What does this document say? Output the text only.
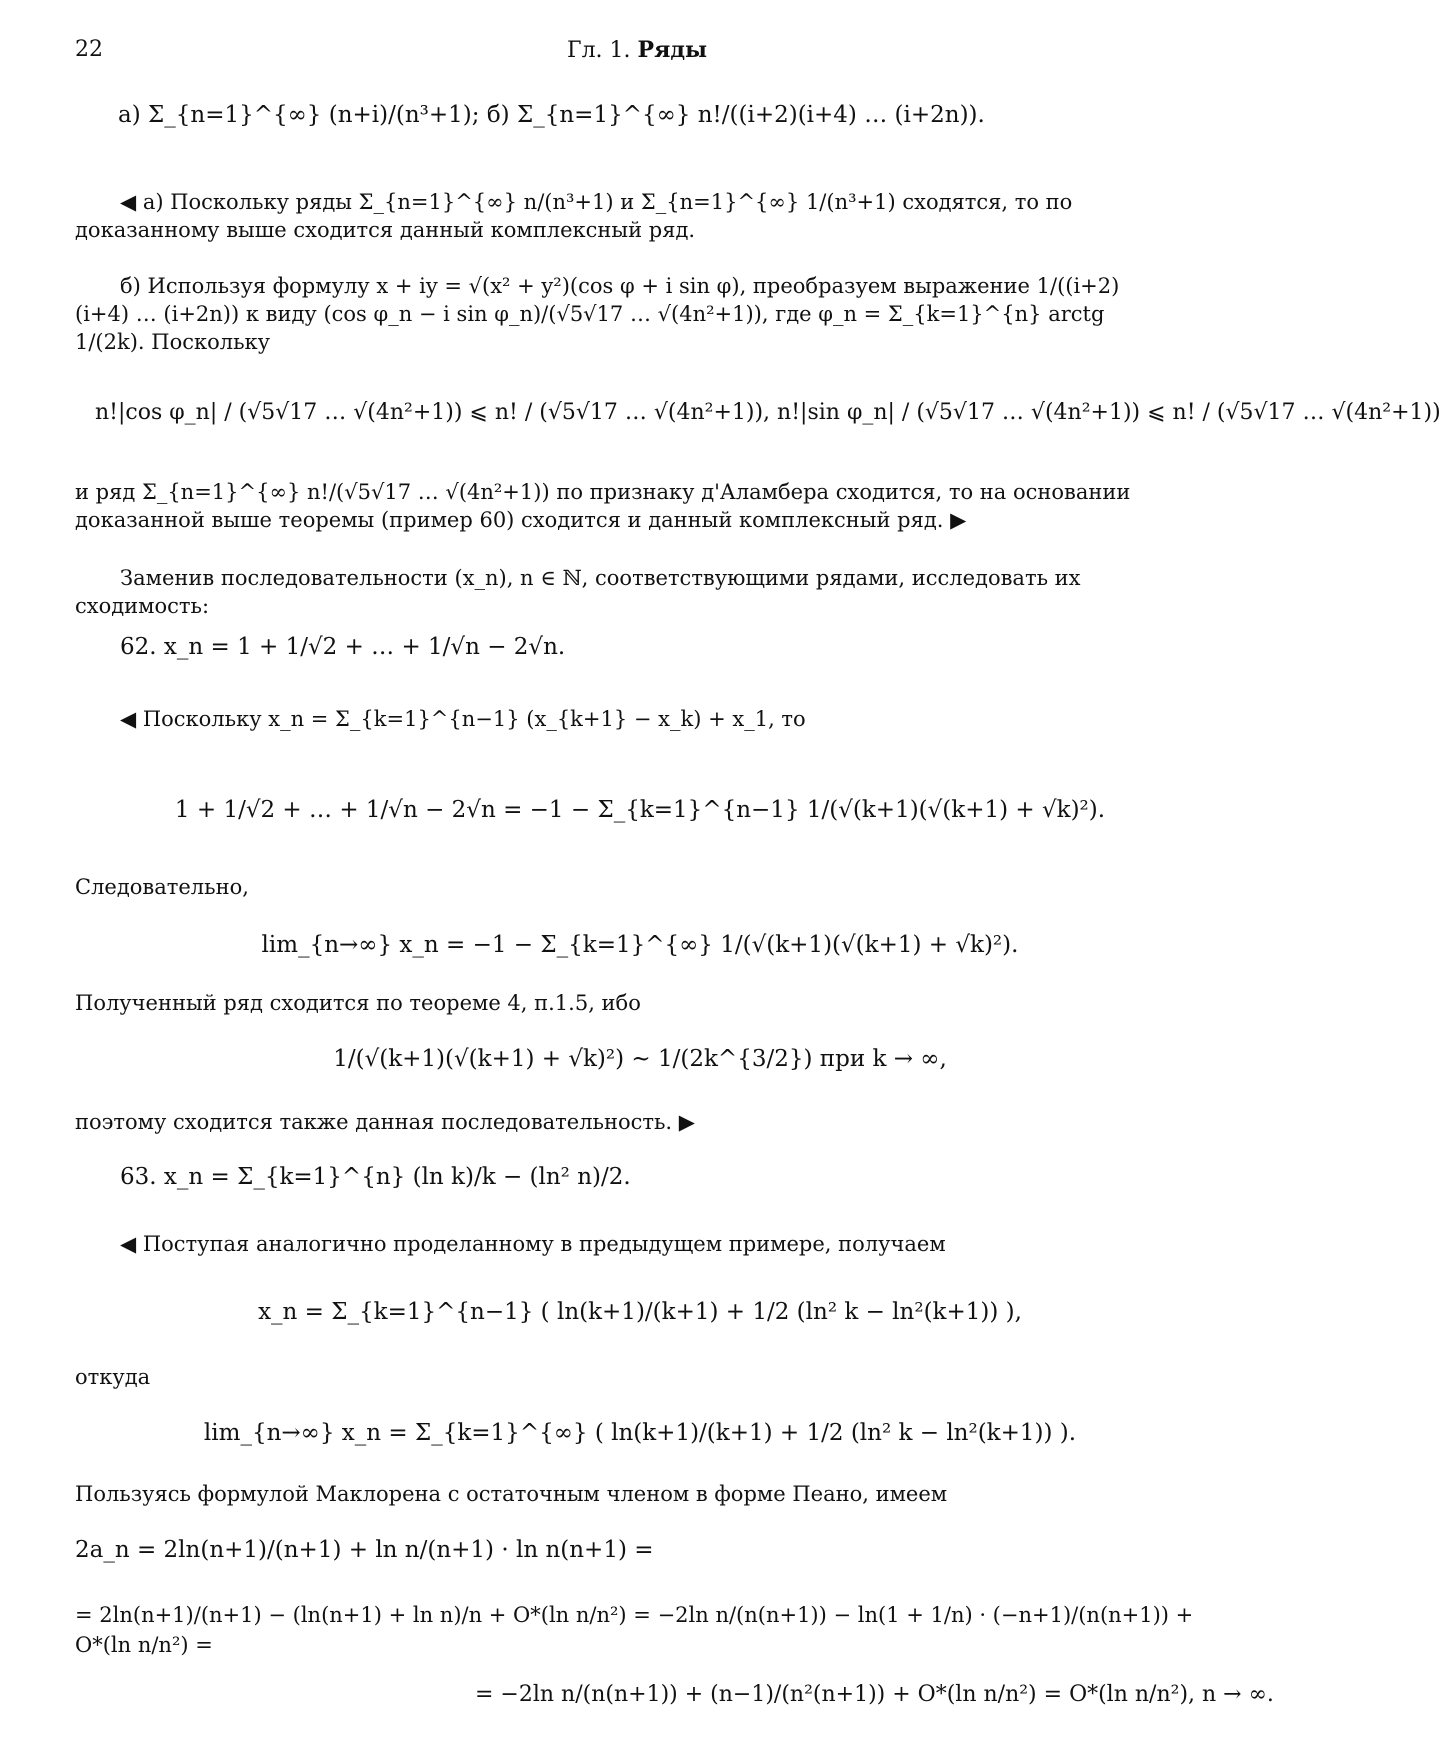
22	Гл. 1. Ряды
а) Σ_{n=1}^{∞} (n+i)/(n³+1); б) Σ_{n=1}^{∞} n!/((i+2)(i+4) … (i+2n)).
◀ а) Поскольку ряды Σ_{n=1}^{∞} n/(n³+1) и Σ_{n=1}^{∞} 1/(n³+1) сходятся, то по доказанному выше сходится данный комплексный ряд.
б) Используя формулу x + iy = √(x² + y²)(cos φ + i sin φ), преобразуем выражение 1/((i+2)(i+4) … (i+2n)) к виду (cos φ_n − i sin φ_n)/(√5√17 … √(4n²+1)), где φ_n = Σ_{k=1}^{n} arctg 1/(2k). Поскольку
n!|cos φ_n| / (√5√17 … √(4n²+1)) ⩽ n! / (√5√17 … √(4n²+1)), n!|sin φ_n| / (√5√17 … √(4n²+1)) ⩽ n! / (√5√17 … √(4n²+1))
и ряд Σ_{n=1}^{∞} n!/(√5√17 … √(4n²+1)) по признаку д'Аламбера сходится, то на основании доказанной выше теоремы (пример 60) сходится и данный комплексный ряд. ▶
Заменив последовательности (x_n), n ∈ ℕ, соответствующими рядами, исследовать их сходимость:
62. x_n = 1 + 1/√2 + … + 1/√n − 2√n.
◀ Поскольку x_n = Σ_{k=1}^{n−1} (x_{k+1} − x_k) + x_1, то
1 + 1/√2 + … + 1/√n − 2√n = −1 − Σ_{k=1}^{n−1} 1/(√(k+1)(√(k+1) + √k)²).
Следовательно,
lim_{n→∞} x_n = −1 − Σ_{k=1}^{∞} 1/(√(k+1)(√(k+1) + √k)²).
Полученный ряд сходится по теореме 4, п.1.5, ибо
1/(√(k+1)(√(k+1) + √k)²) ~ 1/(2k^{3/2}) при k → ∞,
поэтому сходится также данная последовательность. ▶
63. x_n = Σ_{k=1}^{n} (ln k)/k − (ln² n)/2.
◀ Поступая аналогично проделанному в предыдущем примере, получаем
x_n = Σ_{k=1}^{n−1} ( ln(k+1)/(k+1) + 1/2 (ln² k − ln²(k+1)) ),
откуда
lim_{n→∞} x_n = Σ_{k=1}^{∞} ( ln(k+1)/(k+1) + 1/2 (ln² k − ln²(k+1)) ).
Пользуясь формулой Маклорена с остаточным членом в форме Пеано, имеем
2a_n = 2ln(n+1)/(n+1) + ln n/(n+1) · ln n(n+1) =
= 2ln(n+1)/(n+1) − (ln(n+1) + ln n)/n + O*(ln n/n²) = −2ln n/(n(n+1)) − ln(1 + 1/n) · (−n+1)/(n(n+1)) + O*(ln n/n²) =
= −2ln n/(n(n+1)) + (n−1)/(n²(n+1)) + O*(ln n/n²) = O*(ln n/n²), n → ∞.
